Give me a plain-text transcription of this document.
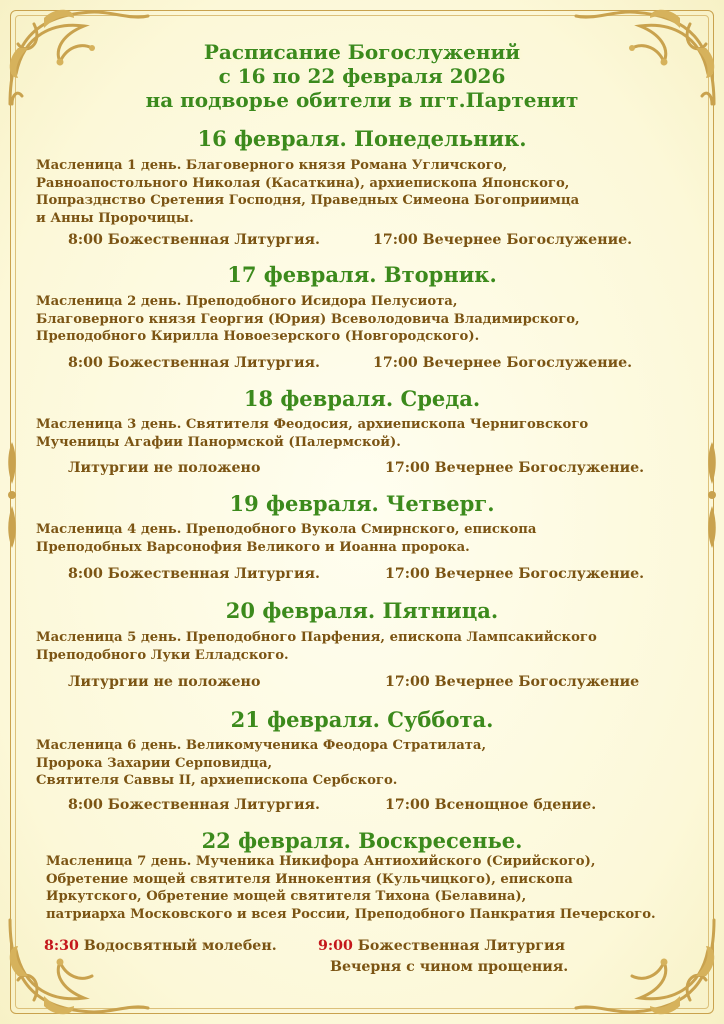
Расписание Богослужений
с 16 по 22 февраля 2026
на подворье обители в пгт.Партенит
16 февраля. Понедельник.
Масленица 1 день. Благоверного князя Романа Угличского,
Равноапостольного Николая (Касаткина), архиепископа Японского,
Попразднство Сретения Господня, Праведных Симеона Богоприимца
и Анны Пророчицы.
8:00 Божественная Литургия.	17:00 Вечернее Богослужение.
17 февраля. Вторник.
Масленица 2 день. Преподобного Исидора Пелусиота,
Благоверного князя Георгия (Юрия) Всеволодовича Владимирского,
Преподобного Кирилла Новоезерского (Новгородского).
8:00 Божественная Литургия.	17:00 Вечернее Богослужение.
18 февраля. Среда.
Масленица 3 день. Святителя Феодосия, архиепископа Черниговского
Мученицы Агафии Панормской (Палермской).
Литургии не положено	17:00 Вечернее Богослужение.
19 февраля. Четверг.
Масленица 4 день. Преподобного Вукола Смирнского, епископа
Преподобных Варсонофия Великого и Иоанна пророка.
8:00 Божественная Литургия.	17:00 Вечернее Богослужение.
20 февраля. Пятница.
Масленица 5 день. Преподобного Парфения, епископа Лампсакийского
Преподобного Луки Елладского.
Литургии не положено	17:00 Вечернее Богослужение
21 февраля. Суббота.
Масленица 6 день. Великомученика Феодора Стратилата,
Пророка Захарии Серповидца,
Святителя Саввы II, архиепископа Сербского.
8:00 Божественная Литургия.	17:00 Всенощное бдение.
22 февраля. Воскресенье.
Масленица 7 день. Мученика Никифора Антиохийского (Сирийского),
Обретение мощей святителя Иннокентия (Кульчицкого), епископа
Иркутского, Обретение мощей святителя Тихона (Белавина),
патриарха Московского и всея России, Преподобного Панкратия Печерского.
8:30 Водосвятный молебен.	9:00 Божественная Литургия
Вечерня с чином прощения.
